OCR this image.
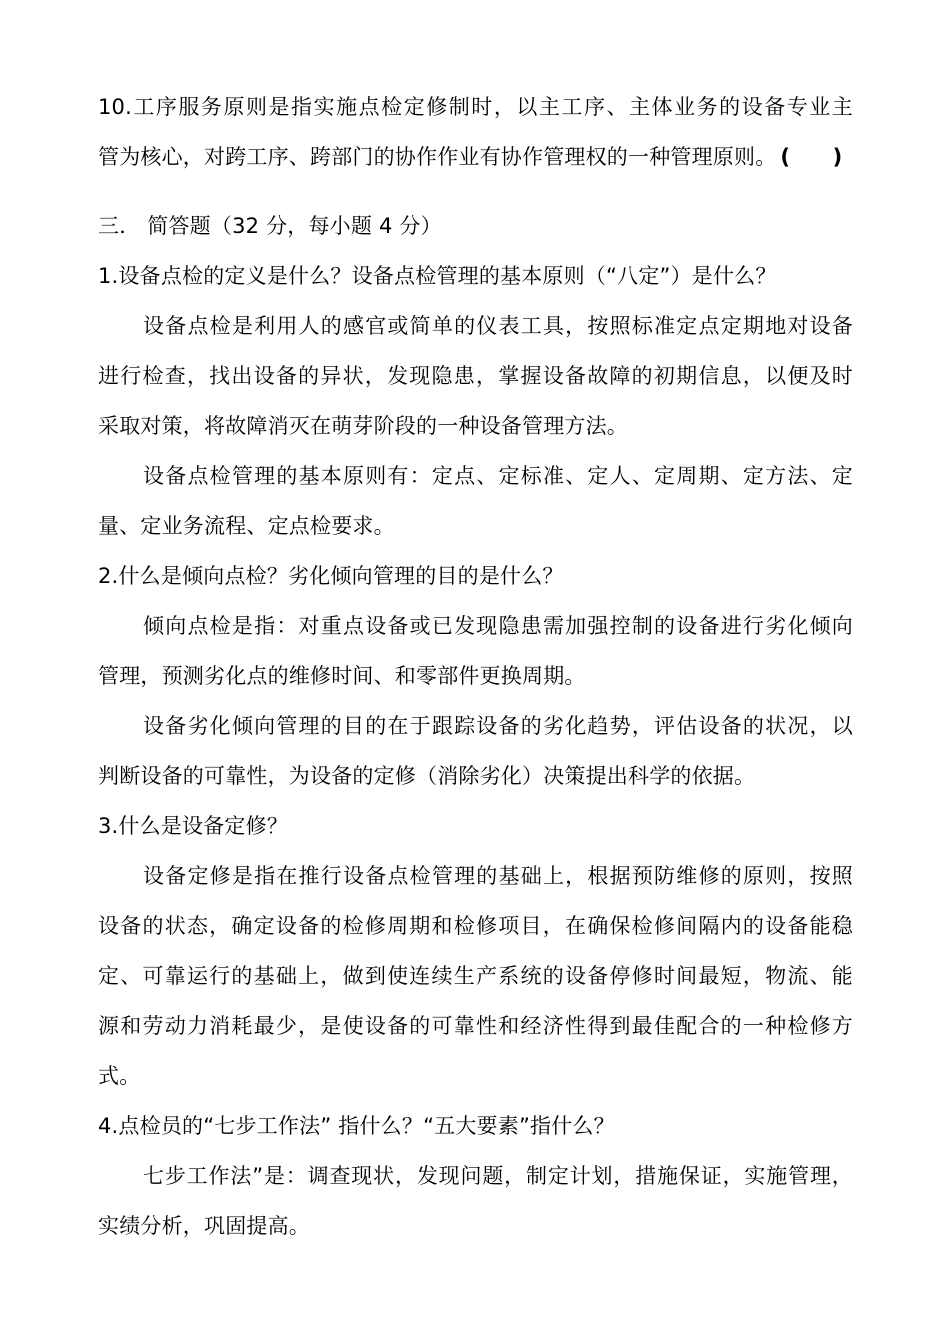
10.工序服务原则是指实施点检定修制时，以主工序、主体业务的设备专业主
管为核心，对跨工序、跨部门的协作作业有协作管理权的一种管理原则。 (　　)
三． 简答题（32 分，每小题 4 分）
1.设备点检的定义是什么？设备点检管理的基本原则（“八定”）是什么？
设备点检是利用人的感官或简单的仪表工具，按照标准定点定期地对设备
进行检查，找出设备的异状，发现隐患，掌握设备故障的初期信息，以便及时
采取对策，将故障消灭在萌芽阶段的一种设备管理方法。
设备点检管理的基本原则有：定点、定标准、定人、定周期、定方法、定
量、定业务流程、定点检要求。
2.什么是倾向点检？劣化倾向管理的目的是什么？
倾向点检是指：对重点设备或已发现隐患需加强控制的设备进行劣化倾向
管理，预测劣化点的维修时间、和零部件更换周期。
设备劣化倾向管理的目的在于跟踪设备的劣化趋势，评估设备的状况，以
判断设备的可靠性，为设备的定修（消除劣化）决策提出科学的依据。
3.什么是设备定修？
设备定修是指在推行设备点检管理的基础上，根据预防维修的原则，按照
设备的状态，确定设备的检修周期和检修项目，在确保检修间隔内的设备能稳
定、可靠运行的基础上，做到使连续生产系统的设备停修时间最短，物流、能
源和劳动力消耗最少，是使设备的可靠性和经济性得到最佳配合的一种检修方
式。
4.点检员的“七步工作法” 指什么？“五大要素”指什么？
七步工作法”是：调查现状，发现问题，制定计划，措施保证，实施管理，
实绩分析，巩固提高。
